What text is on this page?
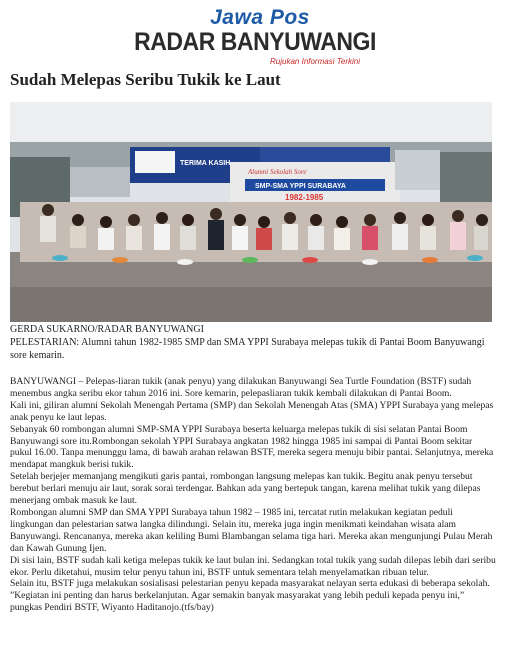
Jawa Pos
RADAR BANYUWANGI
Rujukan Informasi Terkini
Sudah Melepas Seribu Tukik ke Laut
TERIMA KASIH
Alumni Sekolah Sore
SMP-SMA YPPI SURABAYA
1982-1985
GERDA SUKARNO/RADAR BANYUWANGI
PELESTARIAN: Alumni tahun 1982-1985 SMP dan SMA YPPI Surabaya melepas tukik di Pantai Boom Banyuwangi sore kemarin.

BANYUWANGI – Pelepas-liaran tukik (anak penyu) yang dilakukan Banyuwangi Sea Turtle Foundation (BSTF) sudah menembus angka seribu ekor tahun 2016 ini. Sore kemarin, pelepasliaran tukik kembali dilakukan di Pantai Boom.

Kali ini, giliran alumni Sekolah Menengah Pertama (SMP) dan Sekolah Menengah Atas (SMA) YPPI Surabaya yang melepas anak penyu ke laut lepas.

Sebanyak 60 rombongan alumni SMP-SMA YPPI Surabaya beserta keluarga melepas tukik di sisi selatan Pantai Boom Banyuwangi sore itu.Rombongan sekolah YPPI Surabaya angkatan 1982 hingga 1985 ini sampai di Pantai Boom sekitar pukul 16.00. Tanpa menunggu lama, di bawah arahan relawan BSTF, mereka segera menuju bibir pantai. Selanjutnya, mereka mendapat mangkuk berisi tukik.

Setelah berjejer memanjang mengikuti garis pantai, rombongan langsung melepas kan tukik. Begitu anak penyu tersebut berebut berlari menuju air laut, sorak sorai terdengar. Bahkan ada yang bertepuk tangan, karena melihat tukik yang dilepas menerjang ombak masuk ke laut.

Rombongan alumni SMP dan SMA YPPI Surabaya tahun 1982 – 1985 ini, tercatat rutin melakukan kegiatan peduli lingkungan dan pelestarian satwa langka dilindungi. Selain itu, mereka juga ingin menikmati keindahan wisata alam Banyuwangi. Rencananya, mereka akan keliling Bumi Blambangan selama tiga hari. Mereka akan mengunjungi Pulau Merah dan Kawah Gunung Ijen.

Di sisi lain, BSTF sudah kali ketiga melepas tukik ke laut bulan ini. Sedangkan total tukik yang sudah dilepas lebih dari seribu ekor. Perlu diketahui, musim telur penyu tahun ini, BSTF untuk sementara telah menyelamatkan ribuan telur.

Selain itu, BSTF juga melakukan sosialisasi pelestarian penyu kepada masyarakat nelayan serta edukasi di beberapa sekolah. ”Kegiatan ini penting dan harus berkelanjutan. Agar semakin banyak masyarakat yang lebih peduli kepada penyu ini,” pungkas Pendiri BSTF, Wiyanto Haditanojo.(tfs/bay)
